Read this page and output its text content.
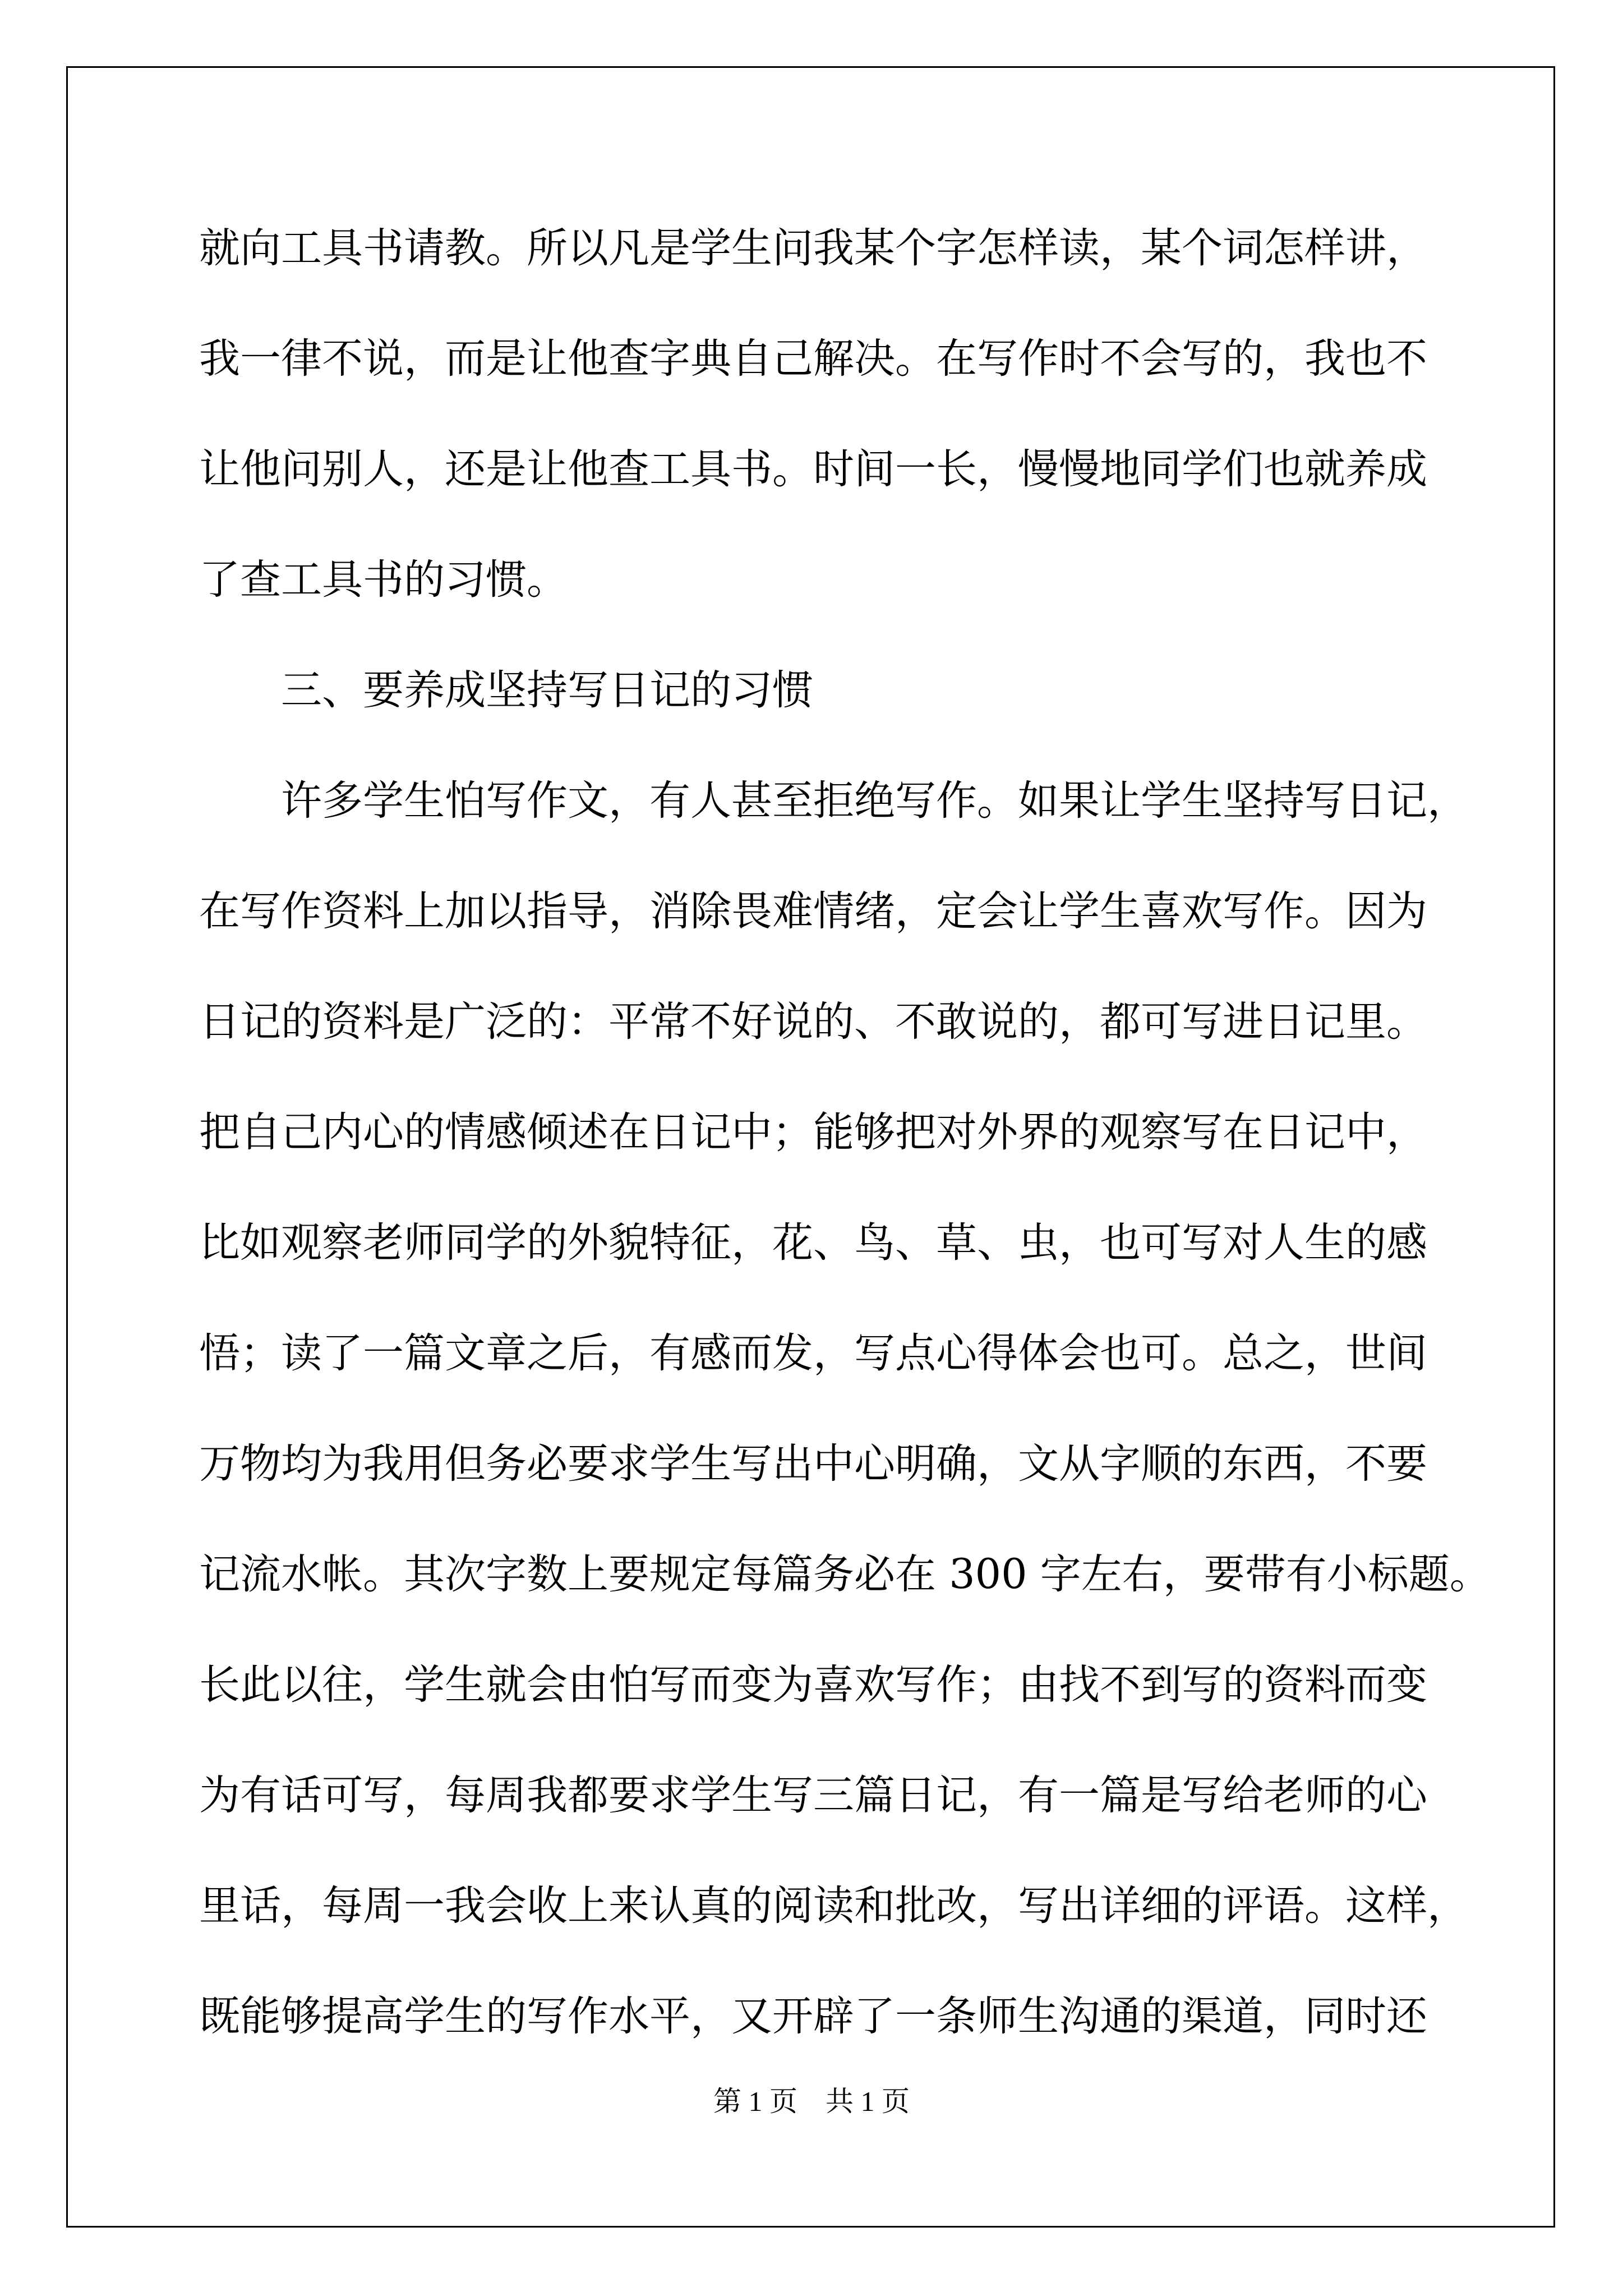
就向工具书请教。所以凡是学生问我某个字怎样读，某个词怎样讲，
我一律不说，而是让他查字典自己解决。在写作时不会写的，我也不
让他问别人，还是让他查工具书。时间一长，慢慢地同学们也就养成
了查工具书的习惯。
　　三、要养成坚持写日记的习惯
　　许多学生怕写作文，有人甚至拒绝写作。如果让学生坚持写日记，
在写作资料上加以指导，消除畏难情绪，定会让学生喜欢写作。因为
日记的资料是广泛的：平常不好说的、不敢说的，都可写进日记里。
把自己内心的情感倾述在日记中；能够把对外界的观察写在日记中，
比如观察老师同学的外貌特征，花、鸟、草、虫，也可写对人生的感
悟；读了一篇文章之后，有感而发，写点心得体会也可。总之，世间
万物均为我用但务必要求学生写出中心明确，文从字顺的东西，不要
记流水帐。其次字数上要规定每篇务必在 300 字左右，要带有小标题。
长此以往，学生就会由怕写而变为喜欢写作；由找不到写的资料而变
为有话可写，每周我都要求学生写三篇日记，有一篇是写给老师的心
里话，每周一我会收上来认真的阅读和批改，写出详细的评语。这样，
既能够提高学生的写作水平，又开辟了一条师生沟通的渠道，同时还
第 1 页 共 1 页
